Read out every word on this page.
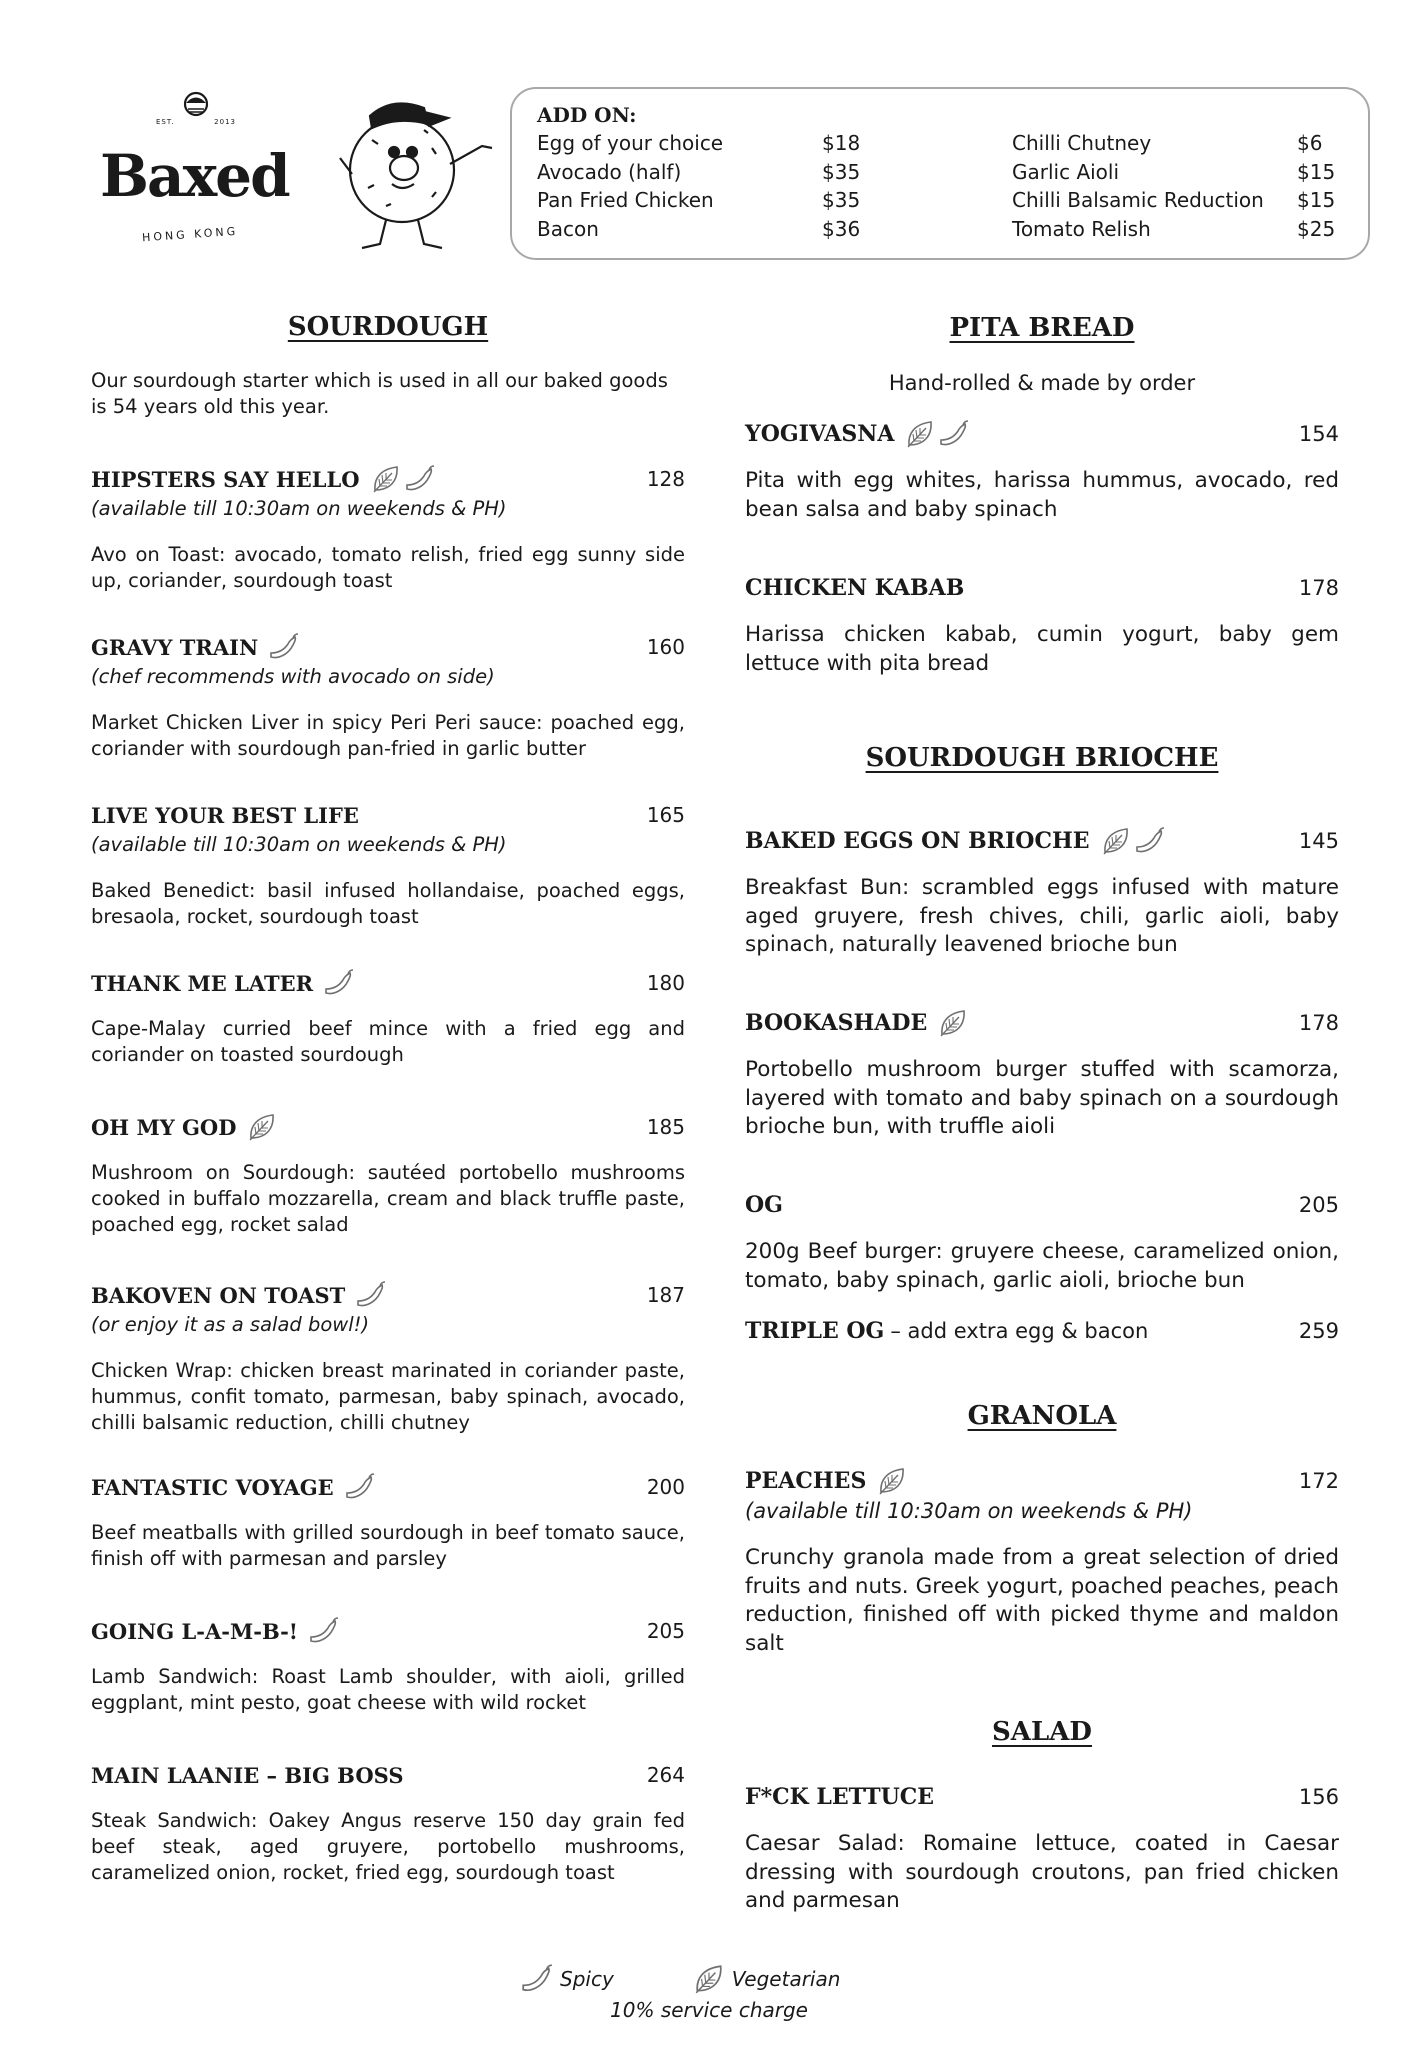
EST.	2013
Baxed
HONG KONG
ADD ON:
Egg of your choice	$18	Chilli Chutney	$6
Avocado (half)	$35	Garlic Aioli	$15
Pan Fried Chicken	$35	Chilli Balsamic Reduction	$15
Bacon	$36	Tomato Relish	$25
SOURDOUGH
Our sourdough starter which is used in all our baked goods is 54 years old this year.
HIPSTERS SAY HELLO	128
(available till 10:30am on weekends & PH)
Avo on Toast: avocado, tomato relish, fried egg sunny side up, coriander, sourdough toast
GRAVY TRAIN	160
(chef recommends with avocado on side)
Market Chicken Liver in spicy Peri Peri sauce: poached egg, coriander with sourdough pan-fried in garlic butter
LIVE YOUR BEST LIFE	165
(available till 10:30am on weekends & PH)
Baked Benedict: basil infused hollandaise, poached eggs, bresaola, rocket, sourdough toast
THANK ME LATER	180
Cape-Malay curried beef mince with a fried egg and coriander on toasted sourdough
OH MY GOD	185
Mushroom on Sourdough: sautéed portobello mushrooms cooked in buffalo mozzarella, cream and black truffle paste, poached egg, rocket salad
BAKOVEN ON TOAST	187
(or enjoy it as a salad bowl!)
Chicken Wrap: chicken breast marinated in coriander paste, hummus, confit tomato, parmesan, baby spinach, avocado, chilli balsamic reduction, chilli chutney
FANTASTIC VOYAGE	200
Beef meatballs with grilled sourdough in beef tomato sauce, finish off with parmesan and parsley
GOING L-A-M-B-!	205
Lamb Sandwich: Roast Lamb shoulder, with aioli, grilled eggplant, mint pesto, goat cheese with wild rocket
MAIN LAANIE – BIG BOSS	264
Steak Sandwich: Oakey Angus reserve 150 day grain fed beef steak, aged gruyere, portobello mushrooms, caramelized onion, rocket, fried egg, sourdough toast
PITA BREAD
Hand-rolled & made by order
YOGIVASNA	154
Pita with egg whites, harissa hummus, avocado, red bean salsa and baby spinach
CHICKEN KABAB	178
Harissa chicken kabab, cumin yogurt, baby gem lettuce with pita bread
SOURDOUGH BRIOCHE
BAKED EGGS ON BRIOCHE	145
Breakfast Bun: scrambled eggs infused with mature aged gruyere, fresh chives, chili, garlic aioli, baby spinach, naturally leavened brioche bun
BOOKASHADE	178
Portobello mushroom burger stuffed with scamorza, layered with tomato and baby spinach on a sourdough brioche bun, with truffle aioli
OG	205
200g Beef burger: gruyere cheese, caramelized onion, tomato, baby spinach, garlic aioli, brioche bun
TRIPLE OG – add extra egg & bacon	259
GRANOLA
PEACHES	172
(available till 10:30am on weekends & PH)
Crunchy granola made from a great selection of dried fruits and nuts. Greek yogurt, poached peaches, peach reduction, finished off with picked thyme and maldon salt
SALAD
F*CK LETTUCE	156
Caesar Salad: Romaine lettuce, coated in Caesar dressing with sourdough croutons, pan fried chicken and parmesan
Spicy	Vegetarian
10% service charge
